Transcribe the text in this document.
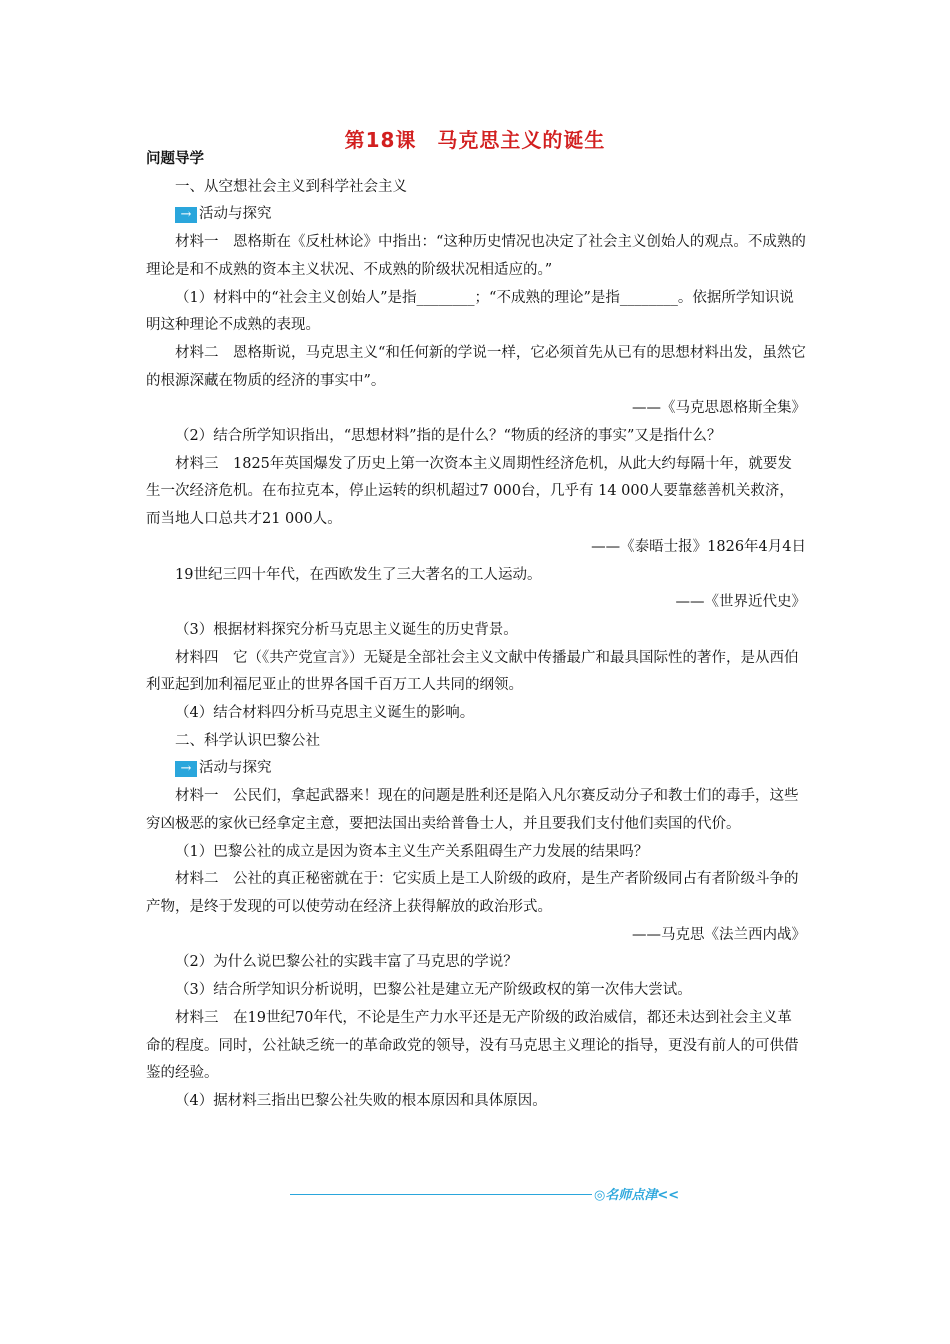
第18课　马克思主义的诞生

问题导学

一、从空想社会主义到科学社会主义

→ 活动与探究

材料一　恩格斯在《反杜林论》中指出：“这种历史情况也决定了社会主义创始人的观点。不成熟的理论是和不成熟的资本主义状况、不成熟的阶级状况相适应的。”

（1）材料中的“社会主义创始人”是指________；“不成熟的理论”是指________。依据所学知识说明这种理论不成熟的表现。

材料二　恩格斯说，马克思主义“和任何新的学说一样，它必须首先从已有的思想材料出发，虽然它的根源深藏在物质的经济的事实中”。

——《马克思恩格斯全集》

（2）结合所学知识指出，“思想材料”指的是什么？“物质的经济的事实”又是指什么？

材料三　1825年英国爆发了历史上第一次资本主义周期性经济危机，从此大约每隔十年，就要发生一次经济危机。在布拉克本，停止运转的织机超过7 000台，几乎有 14 000人要靠慈善机关救济，而当地人口总共才21 000人。

——《泰晤士报》1826年4月4日

19世纪三四十年代，在西欧发生了三大著名的工人运动。

——《世界近代史》

（3）根据材料探究分析马克思主义诞生的历史背景。

材料四　它（《共产党宣言》）无疑是全部社会主义文献中传播最广和最具国际性的著作，是从西伯利亚起到加利福尼亚止的世界各国千百万工人共同的纲领。

（4）结合材料四分析马克思主义诞生的影响。

二、科学认识巴黎公社

→ 活动与探究

材料一　公民们，拿起武器来！现在的问题是胜利还是陷入凡尔赛反动分子和教士们的毒手，这些穷凶极恶的家伙已经拿定主意，要把法国出卖给普鲁士人，并且要我们支付他们卖国的代价。

（1）巴黎公社的成立是因为资本主义生产关系阻碍生产力发展的结果吗？

材料二　公社的真正秘密就在于：它实质上是工人阶级的政府，是生产者阶级同占有者阶级斗争的产物，是终于发现的可以使劳动在经济上获得解放的政治形式。

——马克思《法兰西内战》

（2）为什么说巴黎公社的实践丰富了马克思的学说？

（3）结合所学知识分析说明，巴黎公社是建立无产阶级政权的第一次伟大尝试。

材料三　在19世纪70年代，不论是生产力水平还是无产阶级的政治威信，都还未达到社会主义革命的程度。同时，公社缺乏统一的革命政党的领导，没有马克思主义理论的指导，更没有前人的可供借鉴的经验。

（4）据材料三指出巴黎公社失败的根本原因和具体原因。

◎名师点津<<
